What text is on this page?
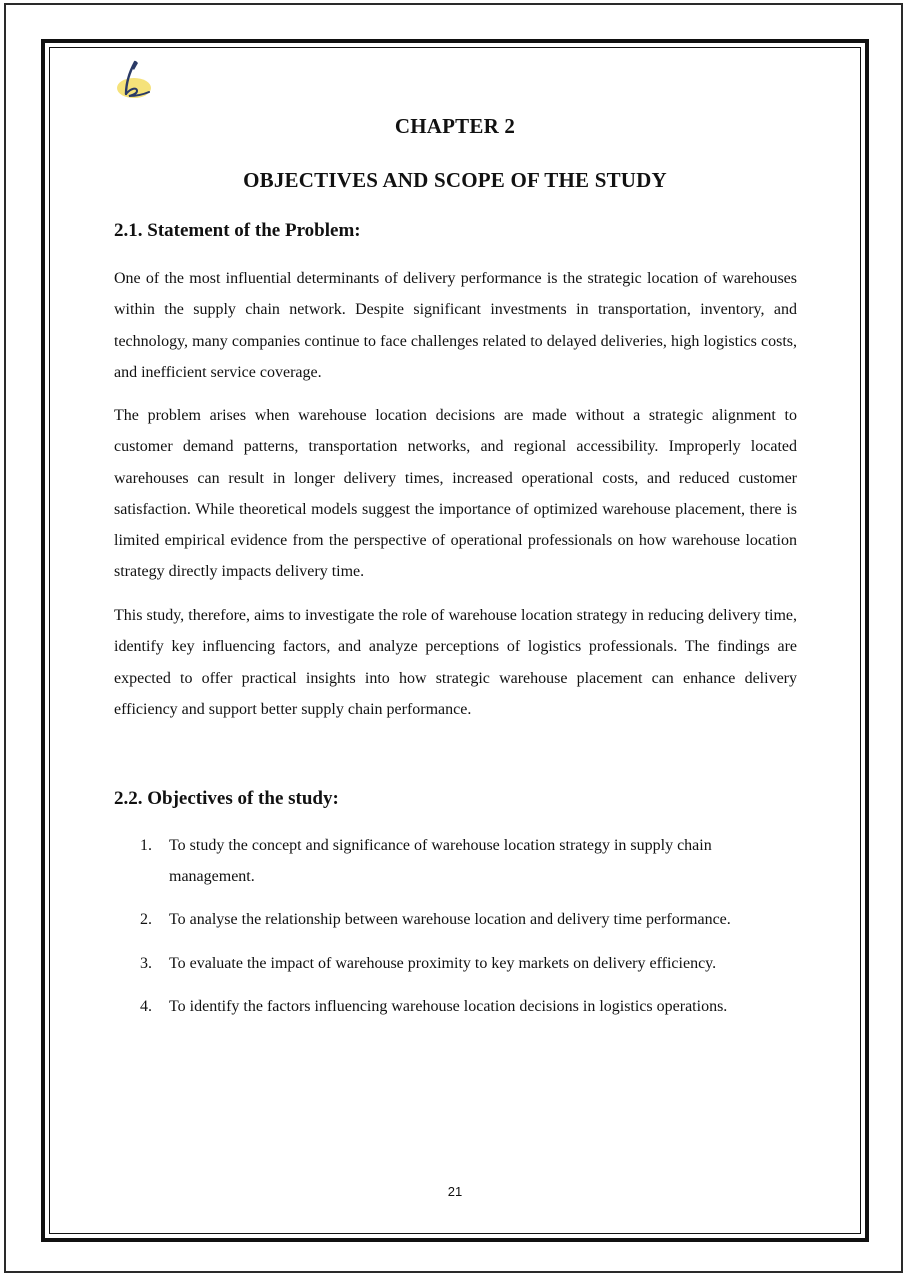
CHAPTER 2
OBJECTIVES AND SCOPE OF THE STUDY
2.1. Statement of the Problem:

One of the most influential determinants of delivery performance is the strategic location of warehouses within the supply chain network. Despite significant investments in transportation, inventory, and technology, many companies continue to face challenges related to delayed deliveries, high logistics costs, and inefficient service coverage.

The problem arises when warehouse location decisions are made without a strategic alignment to customer demand patterns, transportation networks, and regional accessibility. Improperly located warehouses can result in longer delivery times, increased operational costs, and reduced customer satisfaction. While theoretical models suggest the importance of optimized warehouse placement, there is limited empirical evidence from the perspective of operational professionals on how warehouse location strategy directly impacts delivery time.

This study, therefore, aims to investigate the role of warehouse location strategy in reducing delivery time, identify key influencing factors, and analyze perceptions of logistics professionals. The findings are expected to offer practical insights into how strategic warehouse placement can enhance delivery efficiency and support better supply chain performance.

2.2. Objectives of the study:
1. To study the concept and significance of warehouse location strategy in supply chain management.
2. To analyse the relationship between warehouse location and delivery time performance.
3. To evaluate the impact of warehouse proximity to key markets on delivery efficiency.
4. To identify the factors influencing warehouse location decisions in logistics operations.
21
